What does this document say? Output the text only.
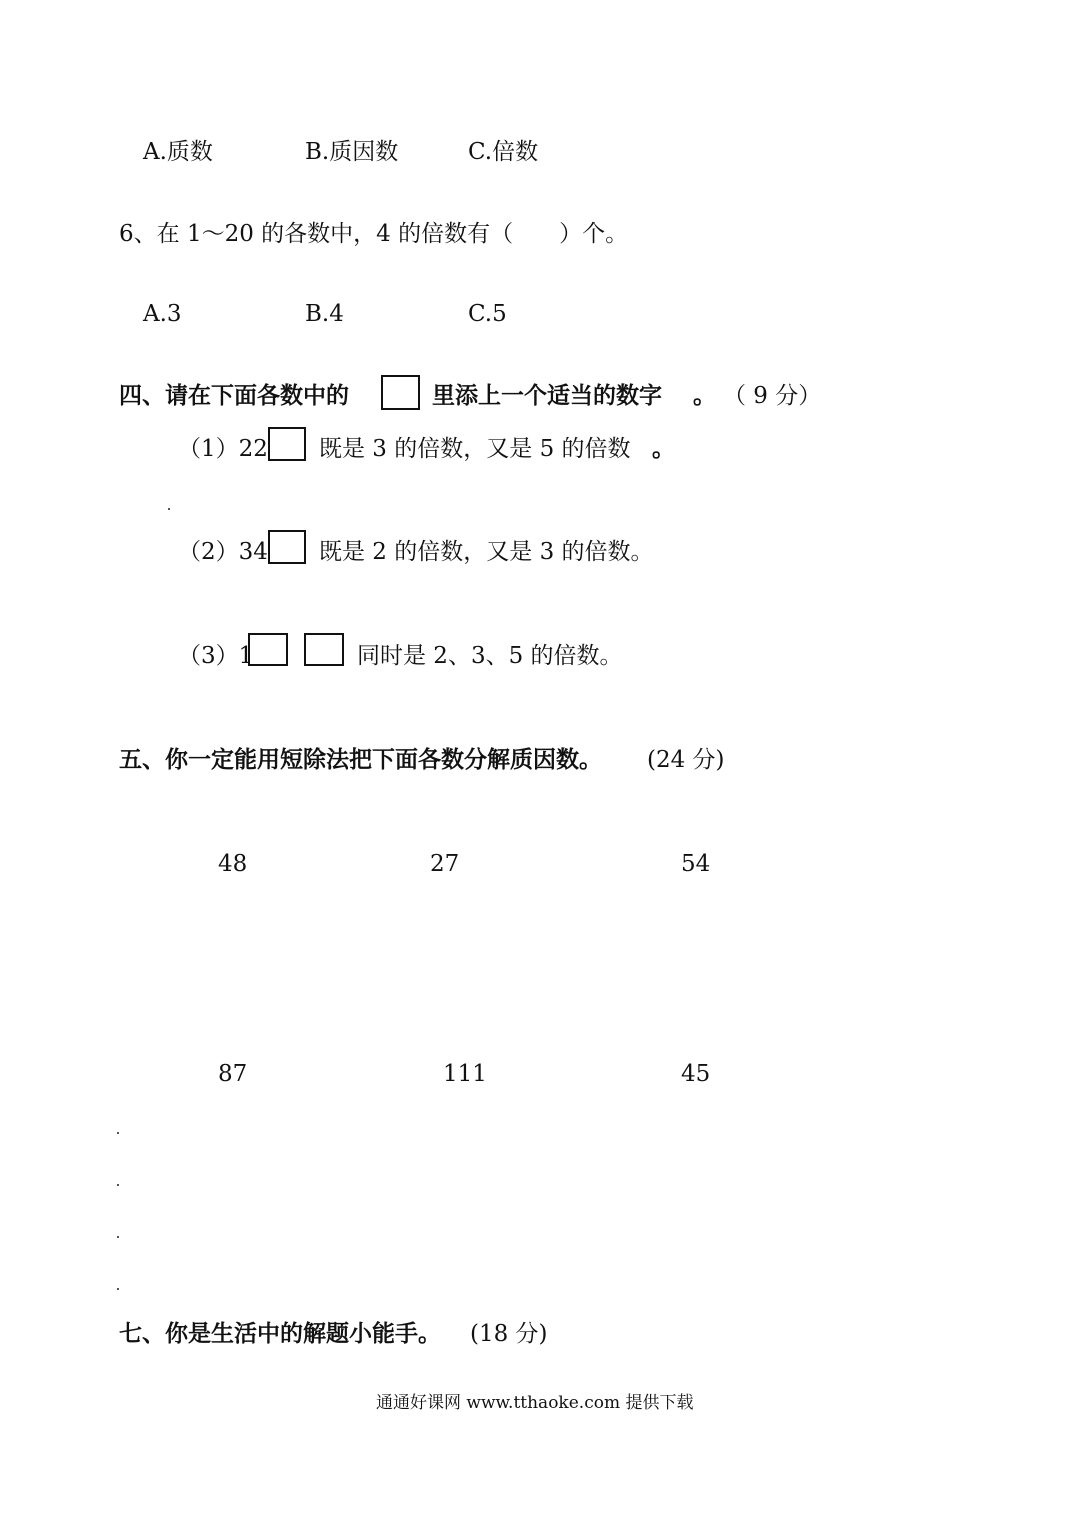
A.质数	B.质因数	C.倍数
6、在 1～20 的各数中，4 的倍数有（　　）个。
A.3	B.4	C.5
四、请在下面各数中的	里添上一个适当的数字 。 （ 9 分）
（1）22 既是 3 的倍数，又是 5 的倍数 。
（2）34 既是 2 的倍数，又是 3 的倍数。
（3）1	同时是 2、3、5 的倍数。
五、你一定能用短除法把下面各数分解质因数。 (24 分)
48	27	54
87	111	45
七、你是生活中的解题小能手。 (18 分)
通通好课网 www.tthaoke.com 提供下载
